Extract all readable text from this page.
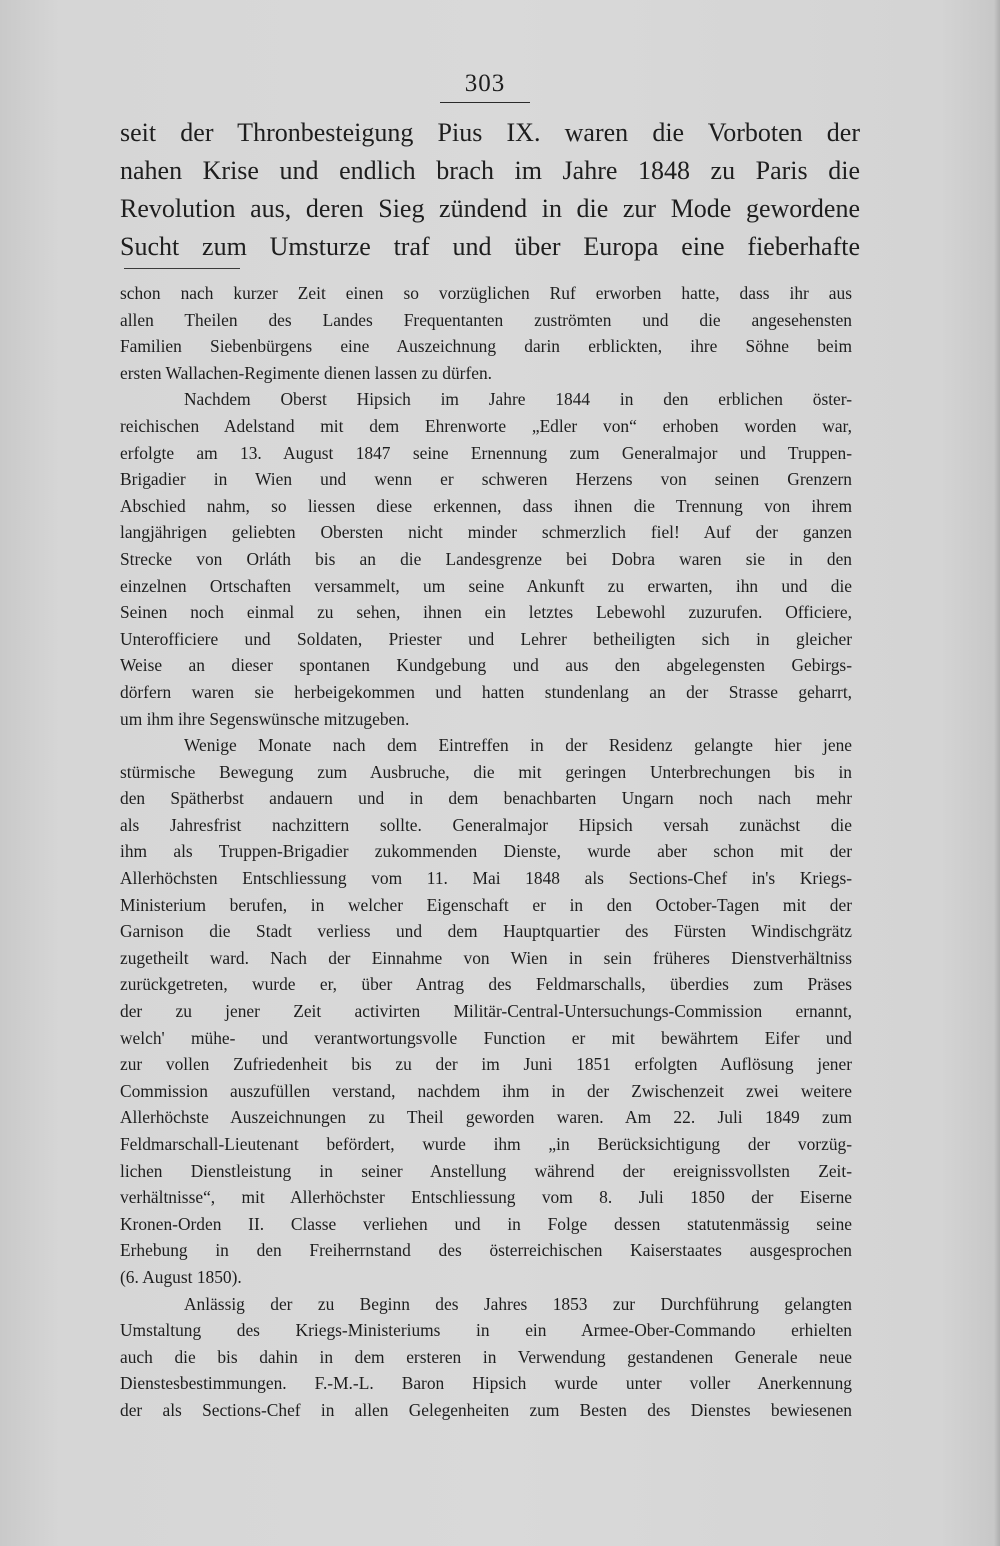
303
seit der Thronbesteigung Pius IX. waren die Vorboten der
nahen Krise und endlich brach im Jahre 1848 zu Paris die
Revolution aus, deren Sieg zündend in die zur Mode gewordene
Sucht zum Umsturze traf und über Europa eine fieberhafte
schon nach kurzer Zeit einen so vorzüglichen Ruf erworben hatte, dass ihr aus
allen Theilen des Landes Frequentanten zuströmten und die angesehensten
Familien Siebenbürgens eine Auszeichnung darin erblickten, ihre Söhne beim
ersten Wallachen-Regimente dienen lassen zu dürfen.
Nachdem Oberst Hipsich im Jahre 1844 in den erblichen öster-
reichischen Adelstand mit dem Ehrenworte „Edler von“ erhoben worden war,
erfolgte am 13. August 1847 seine Ernennung zum Generalmajor und Truppen-
Brigadier in Wien und wenn er schweren Herzens von seinen Grenzern
Abschied nahm, so liessen diese erkennen, dass ihnen die Trennung von ihrem
langjährigen geliebten Obersten nicht minder schmerzlich fiel! Auf der ganzen
Strecke von Orláth bis an die Landesgrenze bei Dobra waren sie in den
einzelnen Ortschaften versammelt, um seine Ankunft zu erwarten, ihn und die
Seinen noch einmal zu sehen, ihnen ein letztes Lebewohl zuzurufen. Officiere,
Unterofficiere und Soldaten, Priester und Lehrer betheiligten sich in gleicher
Weise an dieser spontanen Kundgebung und aus den abgelegensten Gebirgs-
dörfern waren sie herbeigekommen und hatten stundenlang an der Strasse geharrt,
um ihm ihre Segenswünsche mitzugeben.
Wenige Monate nach dem Eintreffen in der Residenz gelangte hier jene
stürmische Bewegung zum Ausbruche, die mit geringen Unterbrechungen bis in
den Spätherbst andauern und in dem benachbarten Ungarn noch nach mehr
als Jahresfrist nachzittern sollte. Generalmajor Hipsich versah zunächst die
ihm als Truppen-Brigadier zukommenden Dienste, wurde aber schon mit der
Allerhöchsten Entschliessung vom 11. Mai 1848 als Sections-Chef in's Kriegs-
Ministerium berufen, in welcher Eigenschaft er in den October-Tagen mit der
Garnison die Stadt verliess und dem Hauptquartier des Fürsten Windischgrätz
zugetheilt ward. Nach der Einnahme von Wien in sein früheres Dienstverhältniss
zurückgetreten, wurde er, über Antrag des Feldmarschalls, überdies zum Präses
der zu jener Zeit activirten Militär-Central-Untersuchungs-Commission ernannt,
welch' mühe- und verantwortungsvolle Function er mit bewährtem Eifer und
zur vollen Zufriedenheit bis zu der im Juni 1851 erfolgten Auflösung jener
Commission auszufüllen verstand, nachdem ihm in der Zwischenzeit zwei weitere
Allerhöchste Auszeichnungen zu Theil geworden waren. Am 22. Juli 1849 zum
Feldmarschall-Lieutenant befördert, wurde ihm „in Berücksichtigung der vorzüg-
lichen Dienstleistung in seiner Anstellung während der ereignissvollsten Zeit-
verhältnisse“, mit Allerhöchster Entschliessung vom 8. Juli 1850 der Eiserne
Kronen-Orden II. Classe verliehen und in Folge dessen statutenmässig seine
Erhebung in den Freiherrnstand des österreichischen Kaiserstaates ausgesprochen
(6. August 1850).
Anlässig der zu Beginn des Jahres 1853 zur Durchführung gelangten
Umstaltung des Kriegs-Ministeriums in ein Armee-Ober-Commando erhielten
auch die bis dahin in dem ersteren in Verwendung gestandenen Generale neue
Dienstesbestimmungen. F.-M.-L. Baron Hipsich wurde unter voller Anerkennung
der als Sections-Chef in allen Gelegenheiten zum Besten des Dienstes bewiesenen
